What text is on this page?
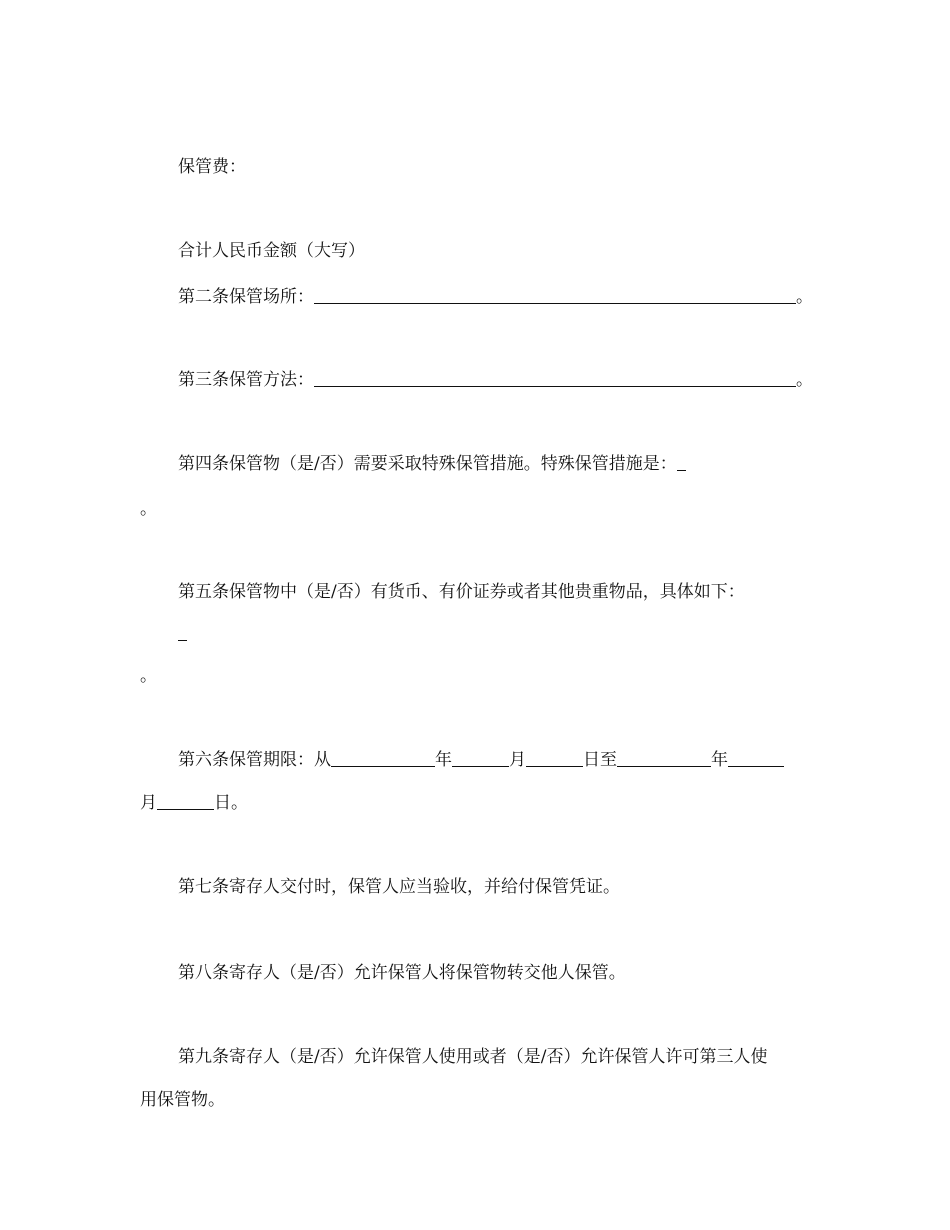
保管费：
合计人民币金额（大写）
第二条保管场所：	。
第三条保管方法：	。
第四条保管物（是/否）需要采取特殊保管措施。特殊保管措施是：
。
第五条保管物中（是/否）有货币、有价证券或者其他贵重物品，具体如下：
。
第六条保管期限：从	年	月	日至	年
月	日。
第七条寄存人交付时，保管人应当验收，并给付保管凭证。
第八条寄存人（是/否）允许保管人将保管物转交他人保管。
第九条寄存人（是/否）允许保管人使用或者（是/否）允许保管人许可第三人使
用保管物。
